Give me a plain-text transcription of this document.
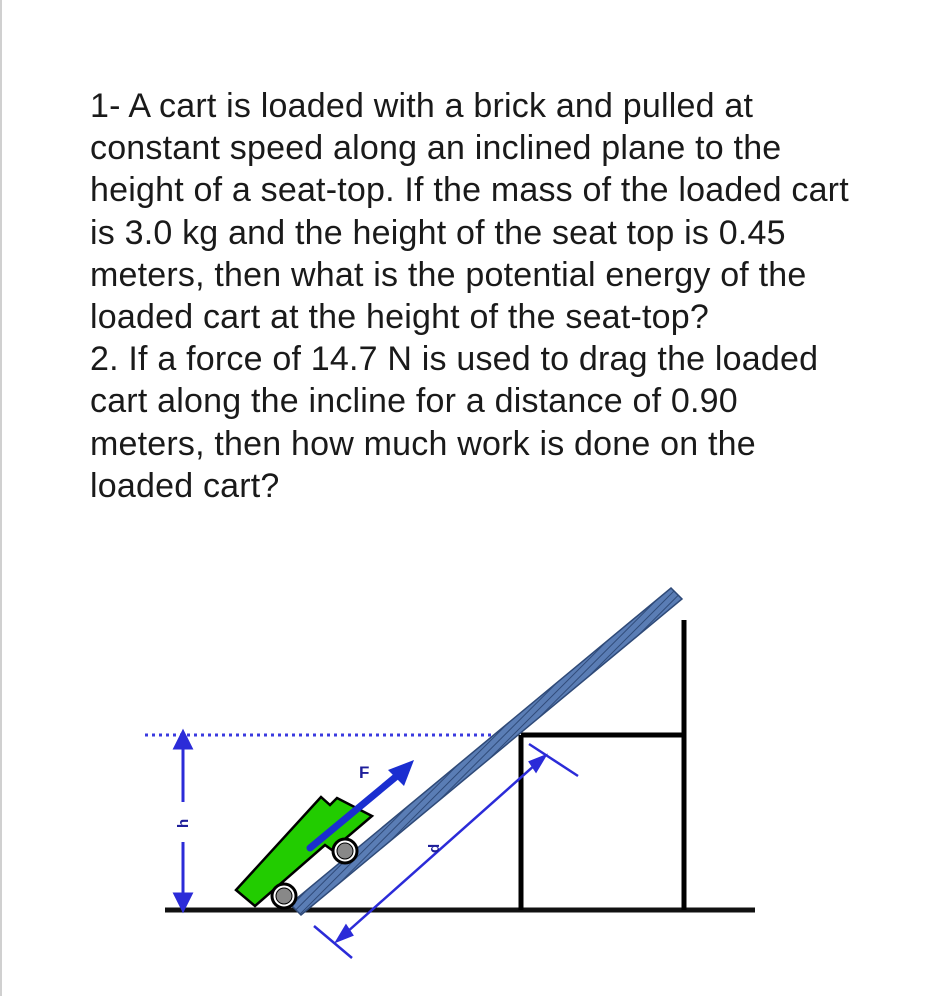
1- A cart is loaded with a brick and pulled at
constant speed along an inclined plane to the
height of a seat-top. If the mass of the loaded cart
is 3.0 kg and the height of the seat top is 0.45
meters, then what is the potential energy of the
loaded cart at the height of the seat-top?
2. If a force of 14.7 N is used to drag the loaded
cart along the incline for a distance of 0.90
meters, then how much work is done on the
loaded cart?
d
h
F
